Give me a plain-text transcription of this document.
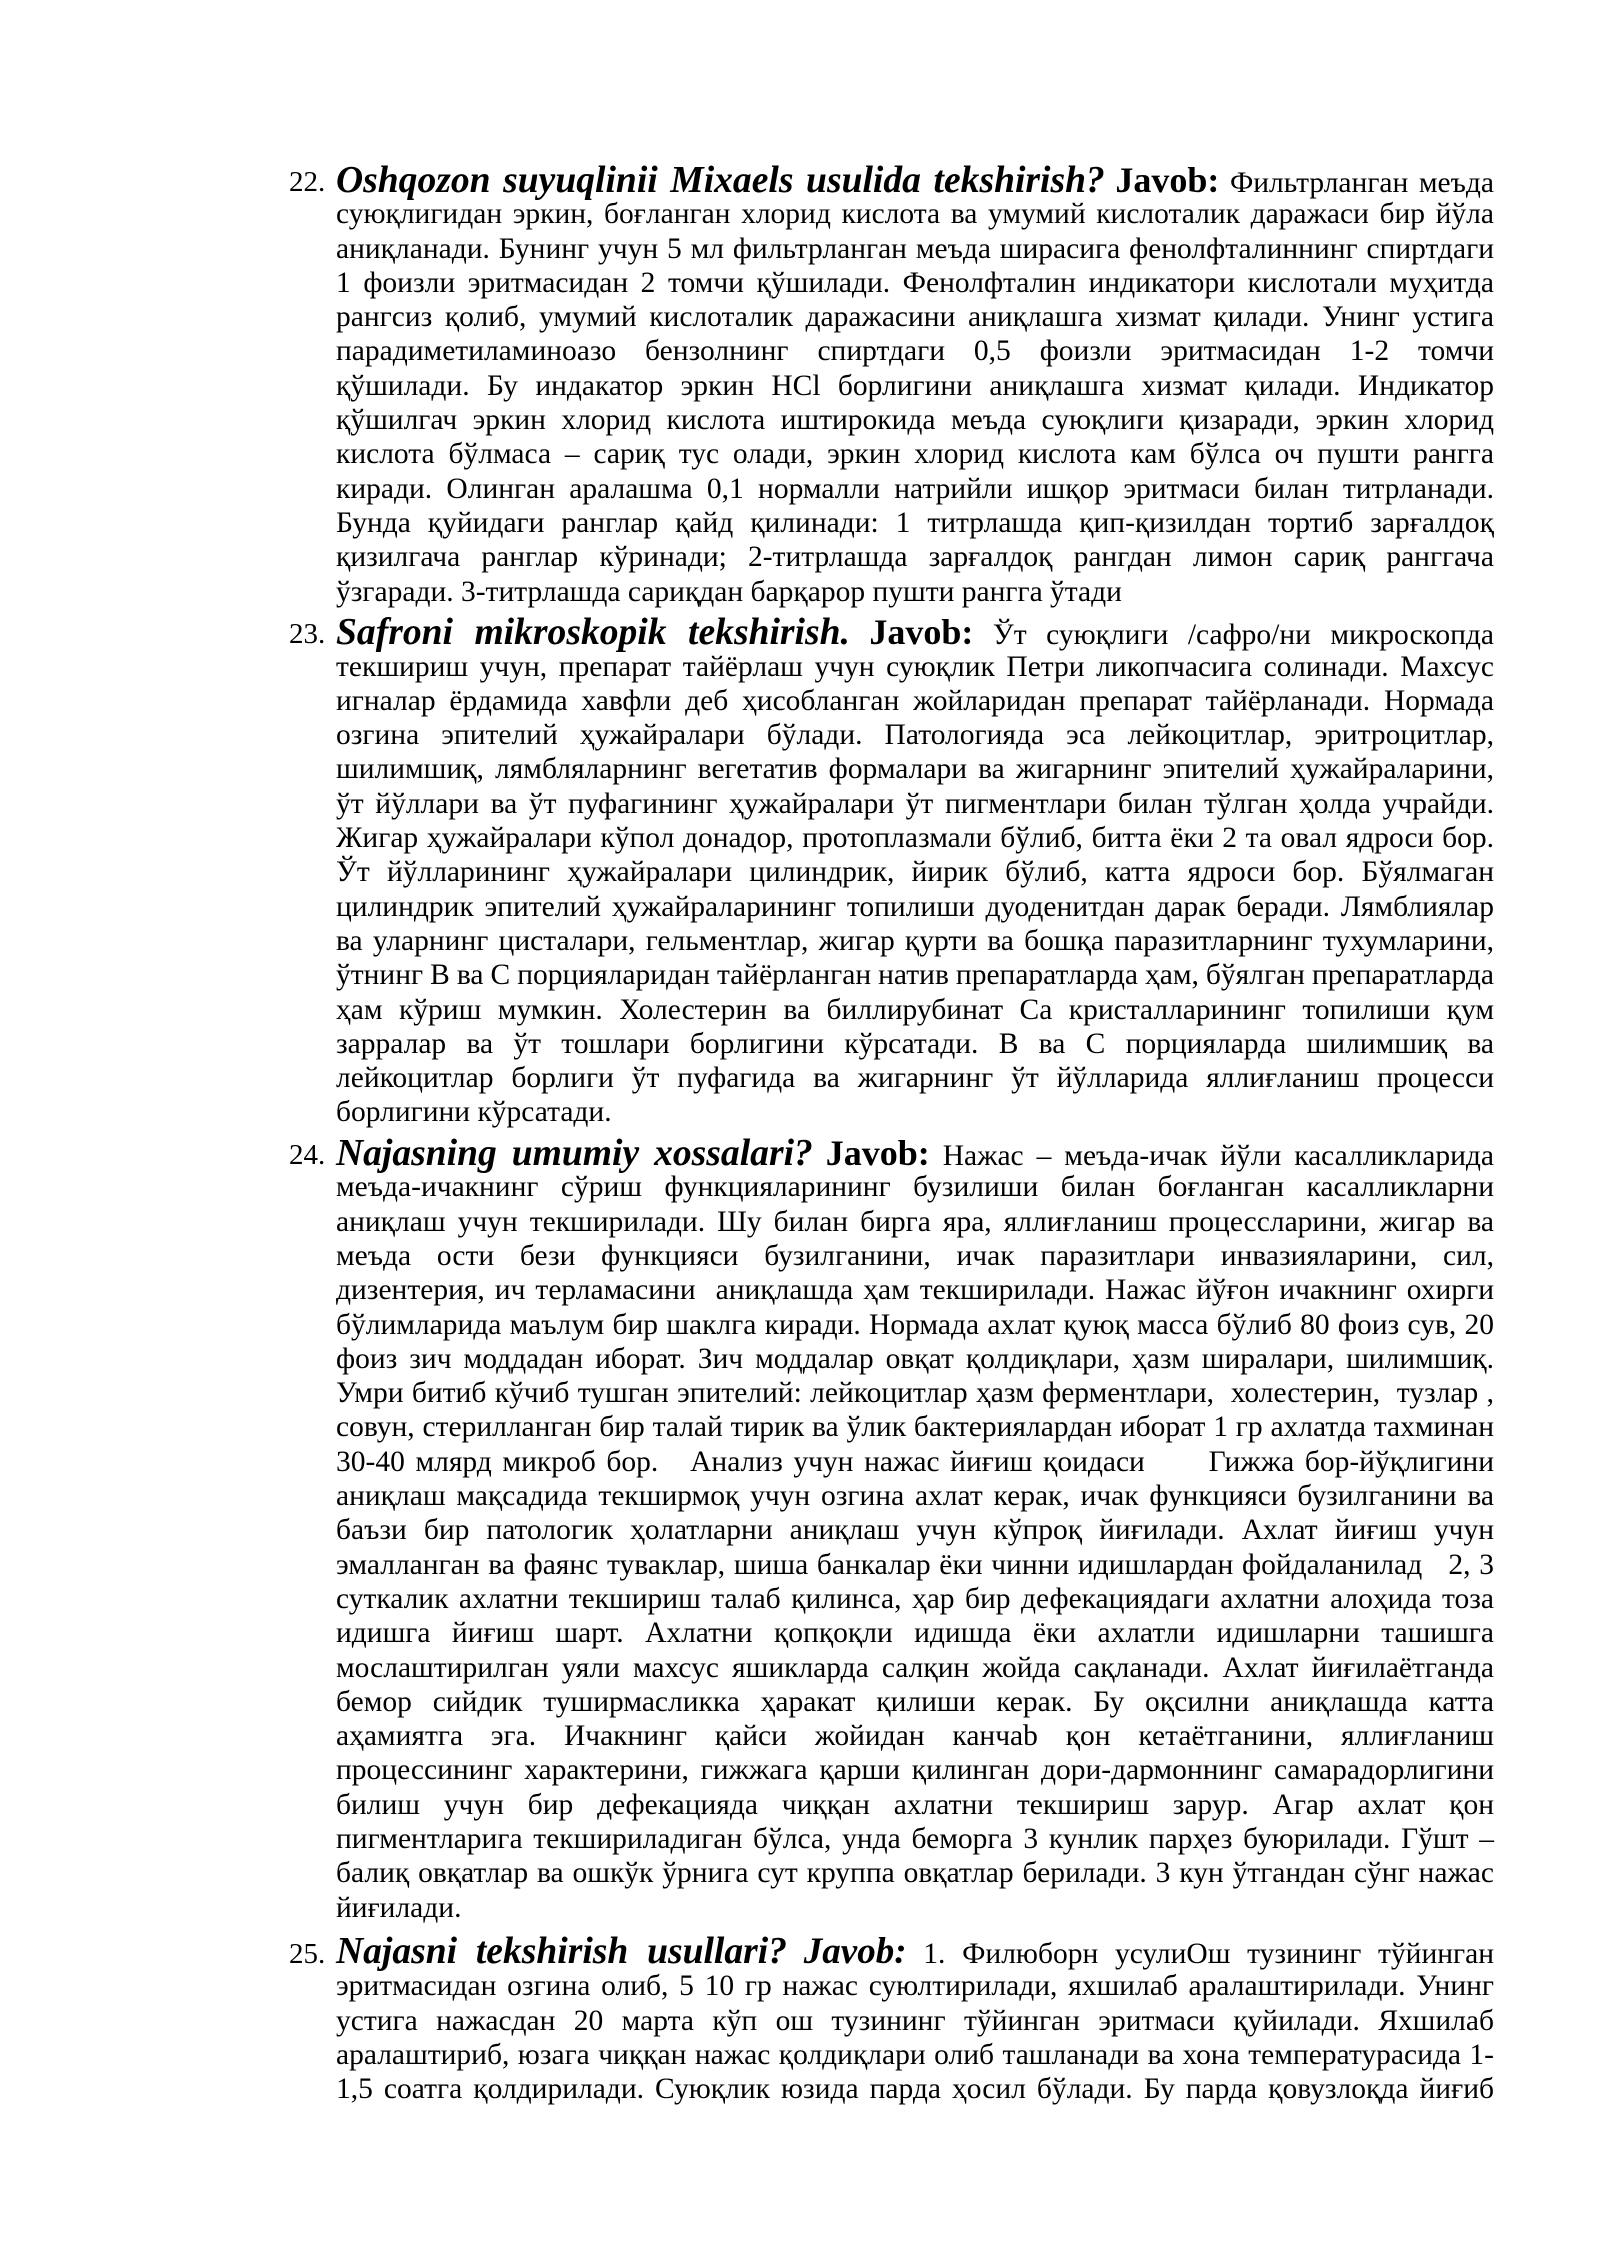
22. Oshqozon suyuqlinii Mixaels usulida tekshirish? Javob: Фильтрланган меъда
суюқлигидан эркин, боғланган хлорид кислота ва умумий кислоталик даражаси бир йўла
аниқланади. Бунинг учун 5 мл фильтрланган меъда ширасига фенолфталиннинг спиртдаги
1 фоизли эритмасидан 2 томчи қўшилади. Фенолфталин индикатори кислотали муҳитда
рангсиз қолиб, умумий кислоталик даражасини аниқлашга хизмат қилади. Унинг устига
парадиметиламиноазо бензолнинг спиртдаги 0,5 фоизли эритмасидан 1-2 томчи
қўшилади. Бу индакатор эркин HCl борлигини аниқлашга хизмат қилади. Индикатор
қўшилгач эркин хлорид кислота иштирокида меъда суюқлиги қизаради, эркин хлорид
кислота бўлмаса – сариқ тус олади, эркин хлорид кислота кам бўлса оч пушти рангга
киради. Олинган аралашма 0,1 нормалли натрийли ишқор эритмаси билан титрланади.
Бунда қуйидаги ранглар қайд қилинади: 1 титрлашда қип-қизилдан тортиб зарғалдоқ
қизилгача ранглар кўринади; 2-титрлашда зарғалдоқ рангдан лимон сариқ ранггача
ўзгаради. 3-титрлашда сариқдан барқарор пушти рангга ўтади
23. Safroni mikroskopik tekshirish. Javob: Ўт суюқлиги /сафро/ни микроскопда
текшириш учун, препарат тайёрлаш учун суюқлик Петри ликопчасига солинади. Махсус
игналар ёрдамида хавфли деб ҳисобланган жойларидан препарат тайёрланади. Нормада
озгина эпителий ҳужайралари бўлади. Патологияда эса лейкоцитлар, эритроцитлар,
шилимшиқ, лямбляларнинг вегетатив формалари ва жигарнинг эпителий ҳужайраларини,
ўт йўллари ва ўт пуфагининг ҳужайралари ўт пигментлари билан тўлган ҳолда учрайди.
Жигар ҳужайралари кўпол донадор, протоплазмали бўлиб, битта ёки 2 та овал ядроси бор.
Ўт йўлларининг ҳужайралари цилиндрик, йирик бўлиб, катта ядроси бор. Бўялмаган
цилиндрик эпителий ҳужайраларининг топилиши дуоденитдан дарак беради. Лямблиялар
ва уларнинг цисталари, гельментлар, жигар қурти ва бошқа паразитларнинг тухумларини,
ўтнинг В ва С порцияларидан тайёрланган натив препаратларда ҳам, бўялган препаратларда
ҳам кўриш мумкин. Холестерин ва биллирубинат Са кристалларининг топилиши қум
зарралар ва ўт тошлари борлигини кўрсатади. В ва С порцияларда шилимшиқ ва
лейкоцитлар борлиги ўт пуфагида ва жигарнинг ўт йўлларида яллиғланиш процесси
борлигини кўрсатади.
24. Najasning umumiy xossalari? Javob: Нажас – меъда-ичак йўли касалликларида
меъда-ичакнинг сўриш функцияларининг бузилиши билан боғланган касалликларни
аниқлаш учун текширилади. Шу билан бирга яра, яллиғланиш процессларини, жигар ва
меъда ости бези функцияси бузилганини, ичак паразитлари инвазияларини, сил,
дизентерия, ич терламасини  аниқлашда ҳам текширилади. Нажас йўғон ичакнинг охирги
бўлимларида маълум бир шаклга киради. Нормада ахлат қуюқ масса бўлиб 80 фоиз сув, 20
фоиз зич моддадан иборат. Зич моддалар овқат қолдиқлари, ҳазм ширалари, шилимшиқ.
Умри битиб кўчиб тушган эпителий: лейкоцитлар ҳазм ферментлари,  холестерин,  тузлар ,
совун, стерилланган бир талай тирик ва ўлик бактериялардан иборат 1 гр ахлатда тахминан
30-40 млярд микроб бор.   Анализ учун нажас йиғиш қоидаси      Гижжа бор-йўқлигини
аниқлаш мақсадида текширмоқ учун озгина ахлат керак, ичак функцияси бузилганини ва
баъзи бир патологик ҳолатларни аниқлаш учун кўпроқ йиғилади. Ахлат йиғиш учун
эмалланган ва фаянс туваклар, шиша банкалар ёки чинни идишлардан фойдаланилад   2, 3
суткалик ахлатни текшириш талаб қилинса, ҳар бир дефекациядаги ахлатни алоҳида тоза
идишга йиғиш шарт. Ахлатни қопқоқли идишда ёки ахлатли идишларни ташишга
мослаштирилган уяли махсус яшикларда салқин жойда сақланади. Ахлат йиғилаётганда
бемор сийдик туширмасликка ҳаракат қилиши керак. Бу оқсилни аниқлашда катта
аҳамиятга эга. Ичакнинг қайси жойидан канчаb қон кетаётганини, яллиғланиш
процессининг характерини, гижжага қарши қилинган дори-дармоннинг самарадорлигини
билиш учун бир дефекацияда чиққан ахлатни текшириш зарур. Агар ахлат қон
пигментларига текшириладиган бўлса, унда беморга 3 кунлик парҳез буюрилади. Гўшт –
балиқ овқатлар ва ошкўк ўрнига сут круппа овқатлар берилади. 3 кун ўтгандан сўнг нажас
йиғилади.
25. Najasni tekshirish usullari? Javob: 1. Филюборн усулиОш тузининг тўйинган
эритмасидан озгина олиб, 5 10 гр нажас суюлтирилади, яхшилаб аралаштирилади. Унинг
устига нажасдан 20 марта кўп ош тузининг тўйинган эритмаси қуйилади. Яхшилаб
аралаштириб, юзага чиққан нажас қолдиқлари олиб ташланади ва хона температурасида 1-
1,5 соатга қолдирилади. Суюқлик юзида парда ҳосил бўлади. Бу парда қовузлоқда йиғиб
